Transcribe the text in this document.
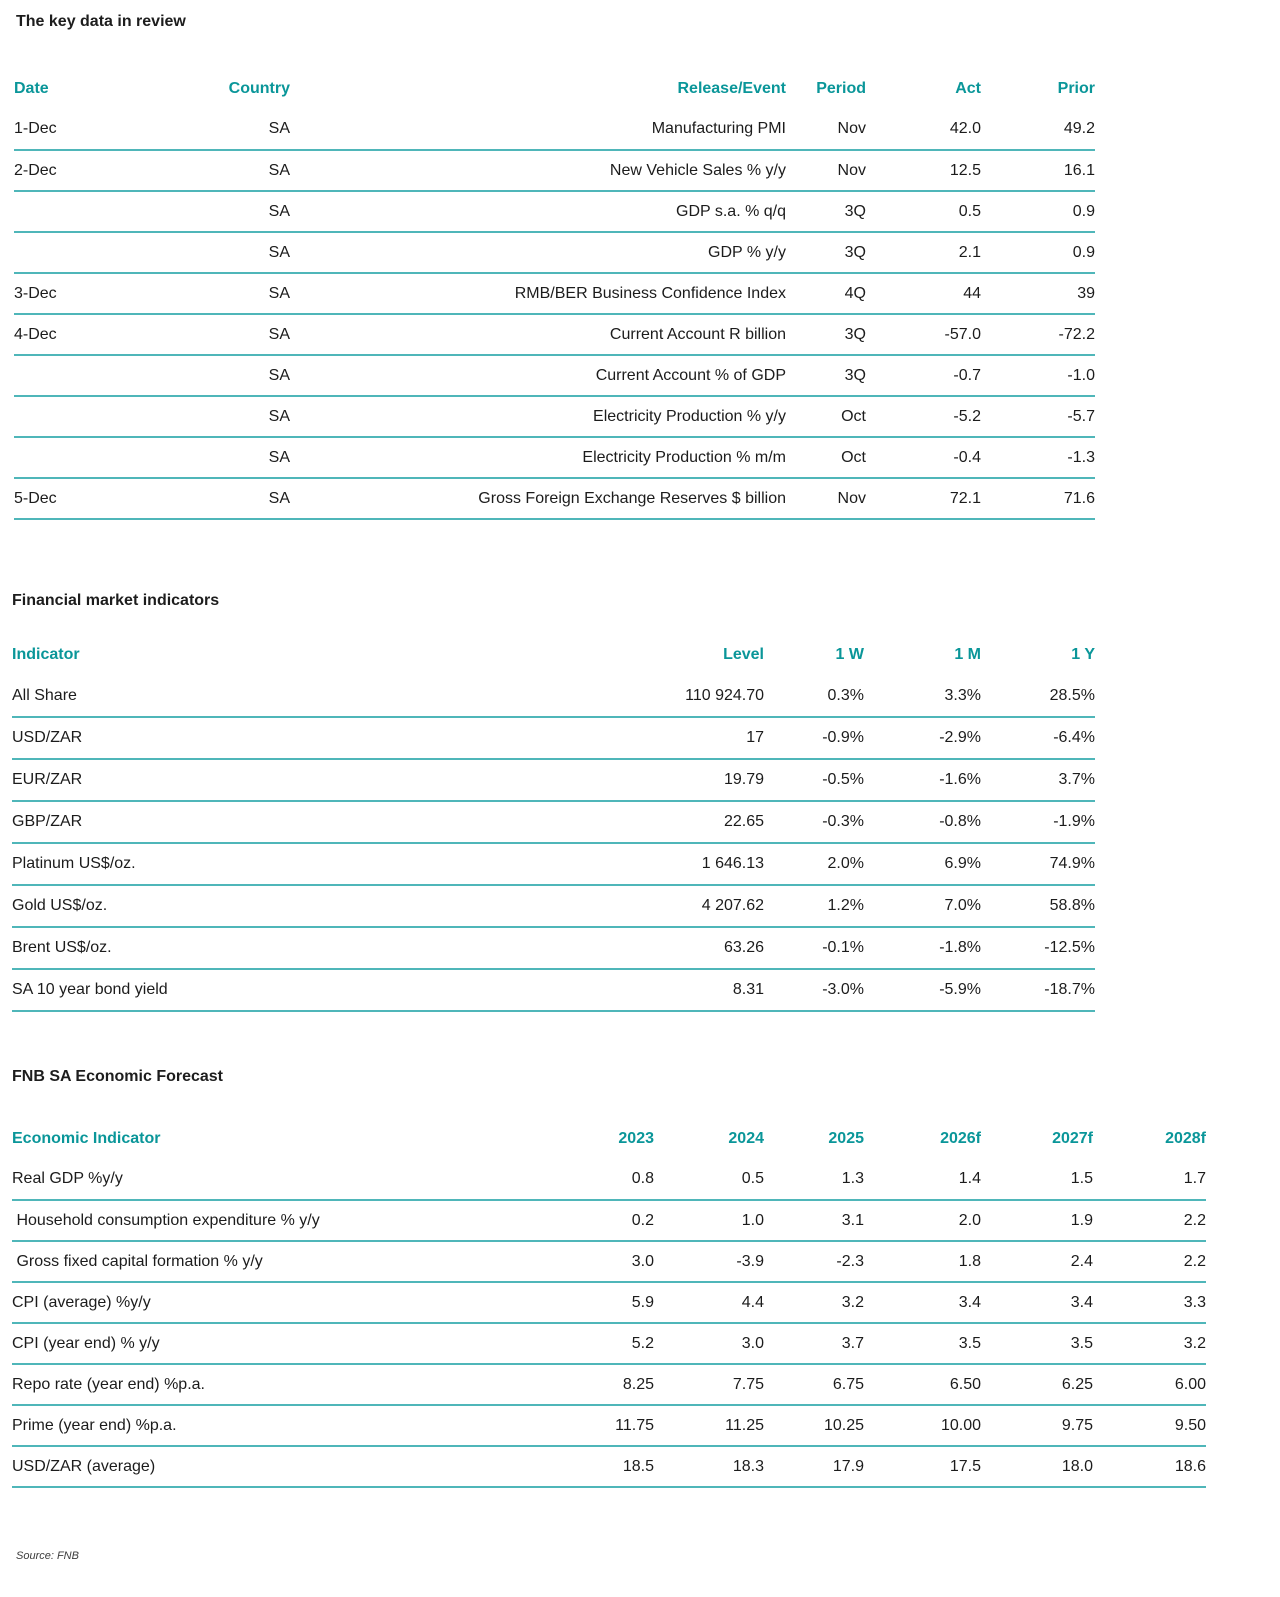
The key data in review
Date	Country	Release/Event	Period	Act	Prior
1-Dec	SA	Manufacturing PMI	Nov	42.0	49.2
2-Dec	SA	New Vehicle Sales % y/y	Nov	12.5	16.1
	SA	GDP s.a. % q/q	3Q	0.5	0.9
	SA	GDP % y/y	3Q	2.1	0.9
3-Dec	SA	RMB/BER Business Confidence Index	4Q	44	39
4-Dec	SA	Current Account R billion	3Q	-57.0	-72.2
	SA	Current Account % of GDP	3Q	-0.7	-1.0
	SA	Electricity Production % y/y	Oct	-5.2	-5.7
	SA	Electricity Production % m/m	Oct	-0.4	-1.3
5-Dec	SA	Gross Foreign Exchange Reserves $ billion	Nov	72.1	71.6
Financial market indicators
Indicator	Level	1 W	1 M	1 Y
All Share	110 924.70	0.3%	3.3%	28.5%
USD/ZAR	17	-0.9%	-2.9%	-6.4%
EUR/ZAR	19.79	-0.5%	-1.6%	3.7%
GBP/ZAR	22.65	-0.3%	-0.8%	-1.9%
Platinum US$/oz.	1 646.13	2.0%	6.9%	74.9%
Gold US$/oz.	4 207.62	1.2%	7.0%	58.8%
Brent US$/oz.	63.26	-0.1%	-1.8%	-12.5%
SA 10 year bond yield	8.31	-3.0%	-5.9%	-18.7%
FNB SA Economic Forecast
Economic Indicator	2023	2024	2025	2026f	2027f	2028f
Real GDP %y/y	0.8	0.5	1.3	1.4	1.5	1.7
Household consumption expenditure % y/y	0.2	1.0	3.1	2.0	1.9	2.2
Gross fixed capital formation % y/y	3.0	-3.9	-2.3	1.8	2.4	2.2
CPI (average) %y/y	5.9	4.4	3.2	3.4	3.4	3.3
CPI (year end) % y/y	5.2	3.0	3.7	3.5	3.5	3.2
Repo rate (year end) %p.a.	8.25	7.75	6.75	6.50	6.25	6.00
Prime (year end) %p.a.	11.75	11.25	10.25	10.00	9.75	9.50
USD/ZAR (average)	18.5	18.3	17.9	17.5	18.0	18.6
Source: FNB
